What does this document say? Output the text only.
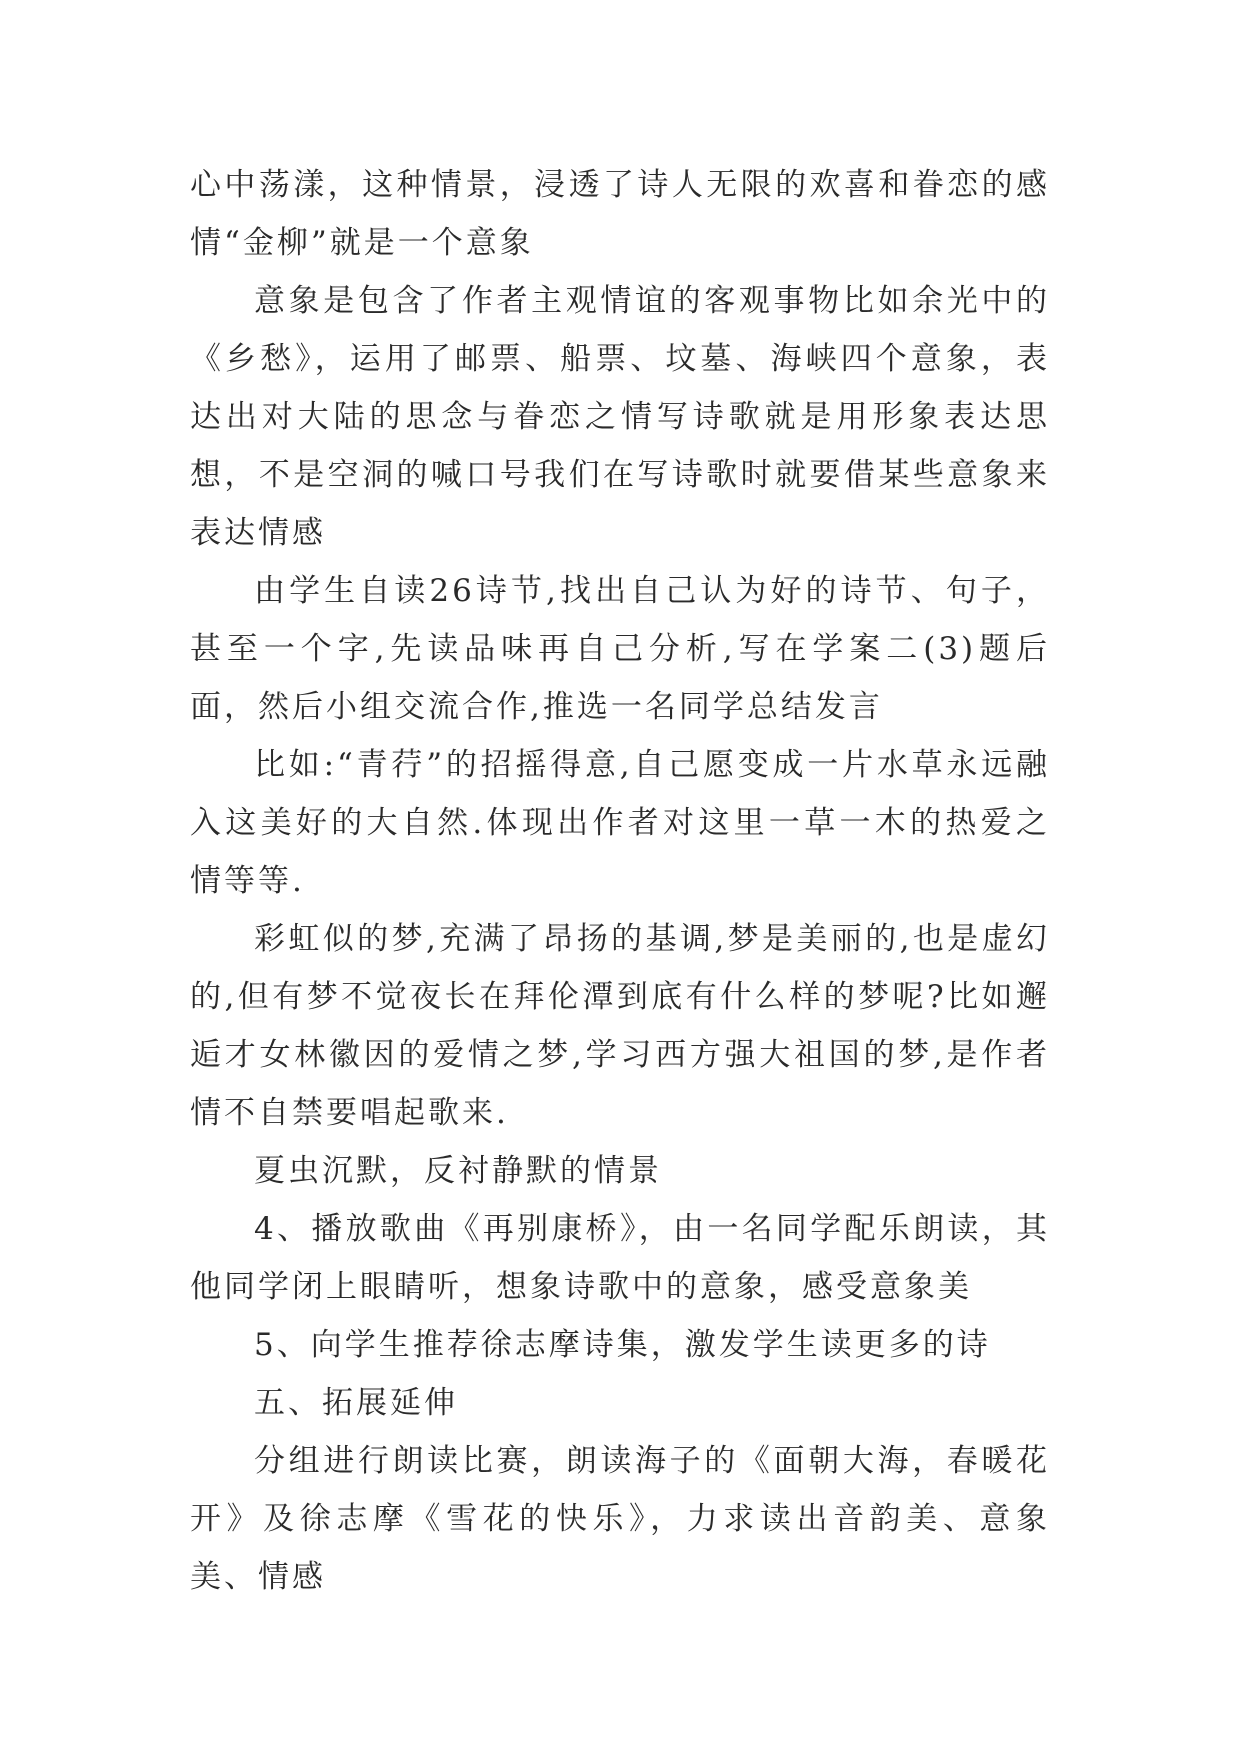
心中荡漾，这种情景，浸透了诗人无限的欢喜和眷恋的感情“金柳”就是一个意象

意象是包含了作者主观情谊的客观事物比如余光中的《乡愁》，运用了邮票、船票、坟墓、海峡四个意象，表达出对大陆的思念与眷恋之情写诗歌就是用形象表达思想，不是空洞的喊口号我们在写诗歌时就要借某些意象来表达情感

由学生自读26诗节,找出自己认为好的诗节、句子，甚至一个字,先读品味再自己分析,写在学案二(3)题后面，然后小组交流合作,推选一名同学总结发言

比如:“青荇”的招摇得意,自己愿变成一片水草永远融入这美好的大自然.体现出作者对这里一草一木的热爱之情等等.

彩虹似的梦,充满了昂扬的基调,梦是美丽的,也是虚幻的,但有梦不觉夜长在拜伦潭到底有什么样的梦呢?比如邂逅才女林徽因的爱情之梦,学习西方强大祖国的梦,是作者情不自禁要唱起歌来.

夏虫沉默，反衬静默的情景

4、播放歌曲《再别康桥》，由一名同学配乐朗读，其他同学闭上眼睛听，想象诗歌中的意象，感受意象美

5、向学生推荐徐志摩诗集，激发学生读更多的诗

五、拓展延伸

分组进行朗读比赛，朗读海子的《面朝大海，春暖花开》及徐志摩《雪花的快乐》，力求读出音韵美、意象美、情感
